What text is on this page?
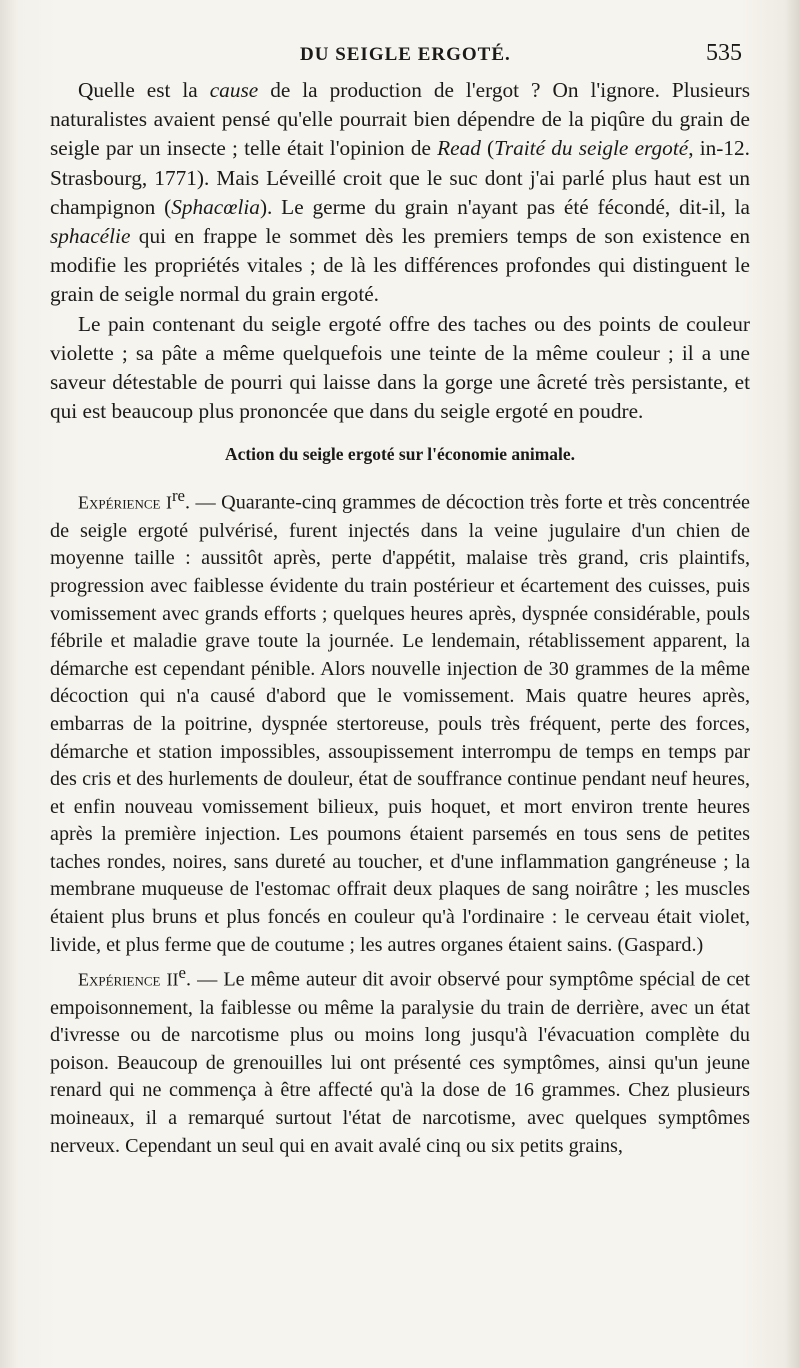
DU SEIGLE ERGOTÉ.	535

Quelle est la cause de la production de l'ergot ? On l'ignore. Plusieurs naturalistes avaient pensé qu'elle pourrait bien dépendre de la piqûre du grain de seigle par un insecte ; telle était l'opinion de Read (Traité du seigle ergoté, in-12. Strasbourg, 1771). Mais Léveillé croit que le suc dont j'ai parlé plus haut est un champignon (Sphacœlia). Le germe du grain n'ayant pas été fécondé, dit-il, la sphacélie qui en frappe le sommet dès les premiers temps de son existence en modifie les propriétés vitales ; de là les différences profondes qui distinguent le grain de seigle normal du grain ergoté.

Le pain contenant du seigle ergoté offre des taches ou des points de couleur violette ; sa pâte a même quelquefois une teinte de la même couleur ; il a une saveur détestable de pourri qui laisse dans la gorge une âcreté très persistante, et qui est beaucoup plus prononcée que dans du seigle ergoté en poudre.

Action du seigle ergoté sur l'économie animale.

Expérience Ire. — Quarante-cinq grammes de décoction très forte et très concentrée de seigle ergoté pulvérisé, furent injectés dans la veine jugulaire d'un chien de moyenne taille : aussitôt après, perte d'appétit, malaise très grand, cris plaintifs, progression avec faiblesse évidente du train postérieur et écartement des cuisses, puis vomissement avec grands efforts ; quelques heures après, dyspnée considérable, pouls fébrile et maladie grave toute la journée. Le lendemain, rétablissement apparent, la démarche est cependant pénible. Alors nouvelle injection de 30 grammes de la même décoction qui n'a causé d'abord que le vomissement. Mais quatre heures après, embarras de la poitrine, dyspnée stertoreuse, pouls très fréquent, perte des forces, démarche et station impossibles, assoupissement interrompu de temps en temps par des cris et des hurlements de douleur, état de souffrance continue pendant neuf heures, et enfin nouveau vomissement bilieux, puis hoquet, et mort environ trente heures après la première injection. Les poumons étaient parsemés en tous sens de petites taches rondes, noires, sans dureté au toucher, et d'une inflammation gangréneuse ; la membrane muqueuse de l'estomac offrait deux plaques de sang noirâtre ; les muscles étaient plus bruns et plus foncés en couleur qu'à l'ordinaire : le cerveau était violet, livide, et plus ferme que de coutume ; les autres organes étaient sains. (Gaspard.)

Expérience IIe. — Le même auteur dit avoir observé pour symptôme spécial de cet empoisonnement, la faiblesse ou même la paralysie du train de derrière, avec un état d'ivresse ou de narcotisme plus ou moins long jusqu'à l'évacuation complète du poison. Beaucoup de grenouilles lui ont présenté ces symptômes, ainsi qu'un jeune renard qui ne commença à être affecté qu'à la dose de 16 grammes. Chez plusieurs moineaux, il a remarqué surtout l'état de narcotisme, avec quelques symptômes nerveux. Cependant un seul qui en avait avalé cinq ou six petits grains,
